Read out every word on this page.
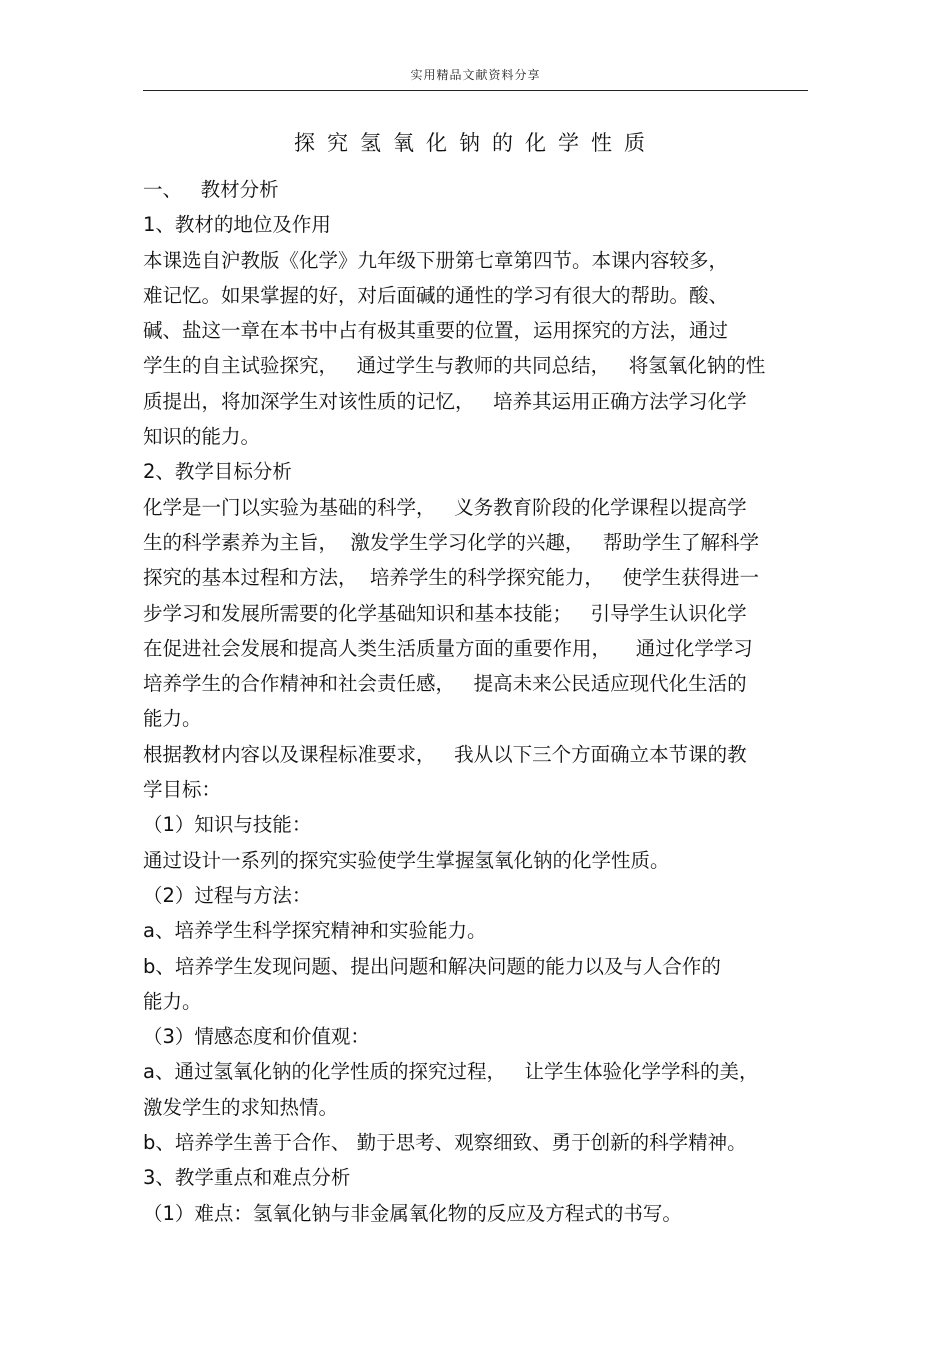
实用精品文献资料分享
探究氢氧化钠的化学性质
一、   教材分析
1、教材的地位及作用
本课选自沪教版《化学》九年级下册第七章第四节。本课内容较多，
难记忆。如果掌握的好，对后面碱的通性的学习有很大的帮助。酸、
碱、盐这一章在本书中占有极其重要的位置，运用探究的方法，通过
学生的自主试验探究，   通过学生与教师的共同总结，   将氢氧化钠的性
质提出，将加深学生对该性质的记忆，   培养其运用正确方法学习化学
知识的能力。
2、教学目标分析
化学是一门以实验为基础的科学，   义务教育阶段的化学课程以提高学
生的科学素养为主旨，  激发学生学习化学的兴趣，   帮助学生了解科学
探究的基本过程和方法，  培养学生的科学探究能力，   使学生获得进一
步学习和发展所需要的化学基础知识和基本技能；   引导学生认识化学
在促进社会发展和提高人类生活质量方面的重要作用，    通过化学学习
培养学生的合作精神和社会责任感，   提高未来公民适应现代化生活的
能力。
根据教材内容以及课程标准要求，   我从以下三个方面确立本节课的教
学目标：
（1）知识与技能：
通过设计一系列的探究实验使学生掌握氢氧化钠的化学性质。
（2）过程与方法：
a、培养学生科学探究精神和实验能力。
b、培养学生发现问题、提出问题和解决问题的能力以及与人合作的
能力。
（3）情感态度和价值观：
a、通过氢氧化钠的化学性质的探究过程，   让学生体验化学学科的美，
激发学生的求知热情。
b、培养学生善于合作、 勤于思考、观察细致、勇于创新的科学精神。
3、教学重点和难点分析
（1）难点：氢氧化钠与非金属氧化物的反应及方程式的书写。
